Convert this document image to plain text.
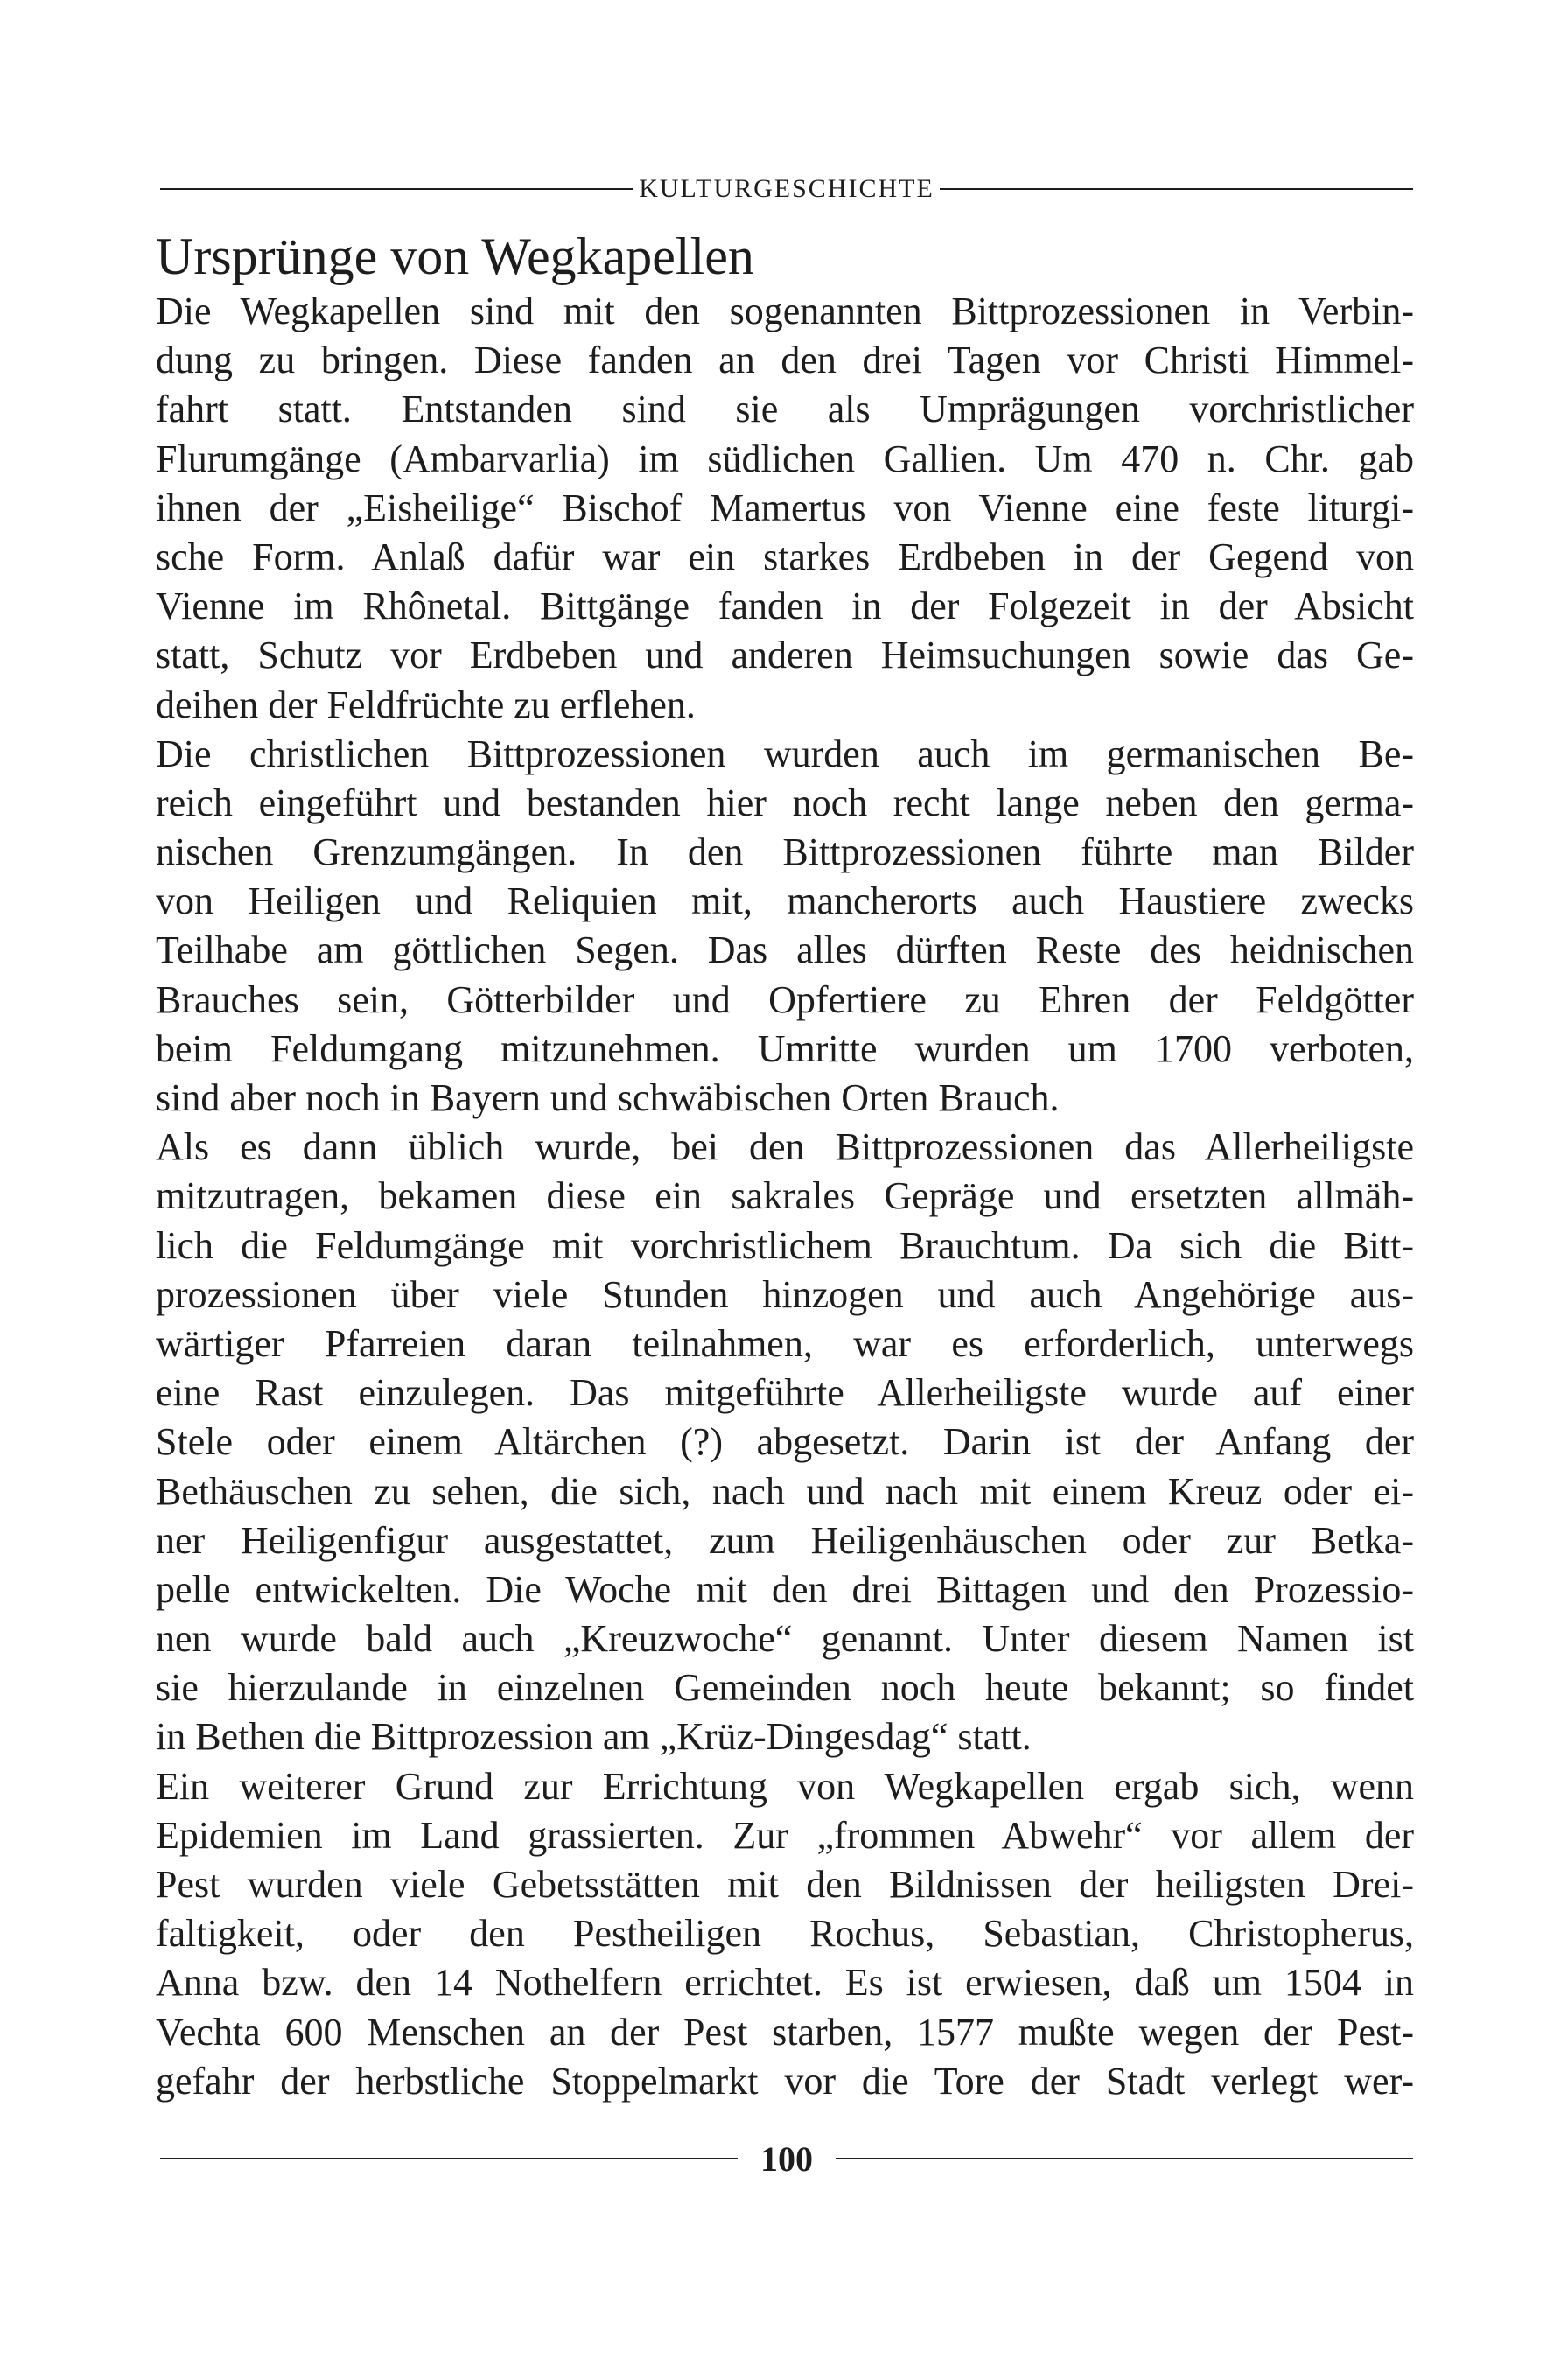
KULTURGESCHICHTE
Ursprünge von Wegkapellen
Die Wegkapellen sind mit den sogenannten Bittprozessionen in Verbin-
dung zu bringen. Diese fanden an den drei Tagen vor Christi Himmel-
fahrt statt. Entstanden sind sie als Umprägungen vorchristlicher
Flurumgänge (Ambarvarlia) im südlichen Gallien. Um 470 n. Chr. gab
ihnen der „Eisheilige“ Bischof Mamertus von Vienne eine feste liturgi-
sche Form. Anlaß dafür war ein starkes Erdbeben in der Gegend von
Vienne im Rhônetal. Bittgänge fanden in der Folgezeit in der Absicht
statt, Schutz vor Erdbeben und anderen Heimsuchungen sowie das Ge-
deihen der Feldfrüchte zu erflehen.
Die christlichen Bittprozessionen wurden auch im germanischen Be-
reich eingeführt und bestanden hier noch recht lange neben den germa-
nischen Grenzumgängen. In den Bittprozessionen führte man Bilder
von Heiligen und Reliquien mit, mancherorts auch Haustiere zwecks
Teilhabe am göttlichen Segen. Das alles dürften Reste des heidnischen
Brauches sein, Götterbilder und Opfertiere zu Ehren der Feldgötter
beim Feldumgang mitzunehmen. Umritte wurden um 1700 verboten,
sind aber noch in Bayern und schwäbischen Orten Brauch.
Als es dann üblich wurde, bei den Bittprozessionen das Allerheiligste
mitzutragen, bekamen diese ein sakrales Gepräge und ersetzten allmäh-
lich die Feldumgänge mit vorchristlichem Brauchtum. Da sich die Bitt-
prozessionen über viele Stunden hinzogen und auch Angehörige aus-
wärtiger Pfarreien daran teilnahmen, war es erforderlich, unterwegs
eine Rast einzulegen. Das mitgeführte Allerheiligste wurde auf einer
Stele oder einem Altärchen (?) abgesetzt. Darin ist der Anfang der
Bethäuschen zu sehen, die sich, nach und nach mit einem Kreuz oder ei-
ner Heiligenfigur ausgestattet, zum Heiligenhäuschen oder zur Betka-
pelle entwickelten. Die Woche mit den drei Bittagen und den Prozessio-
nen wurde bald auch „Kreuzwoche“ genannt. Unter diesem Namen ist
sie hierzulande in einzelnen Gemeinden noch heute bekannt; so findet
in Bethen die Bittprozession am „Krüz-Dingesdag“ statt.
Ein weiterer Grund zur Errichtung von Wegkapellen ergab sich, wenn
Epidemien im Land grassierten. Zur „frommen Abwehr“ vor allem der
Pest wurden viele Gebetsstätten mit den Bildnissen der heiligsten Drei-
faltigkeit, oder den Pestheiligen Rochus, Sebastian, Christopherus,
Anna bzw. den 14 Nothelfern errichtet. Es ist erwiesen, daß um 1504 in
Vechta 600 Menschen an der Pest starben, 1577 mußte wegen der Pest-
gefahr der herbstliche Stoppelmarkt vor die Tore der Stadt verlegt wer-
100
